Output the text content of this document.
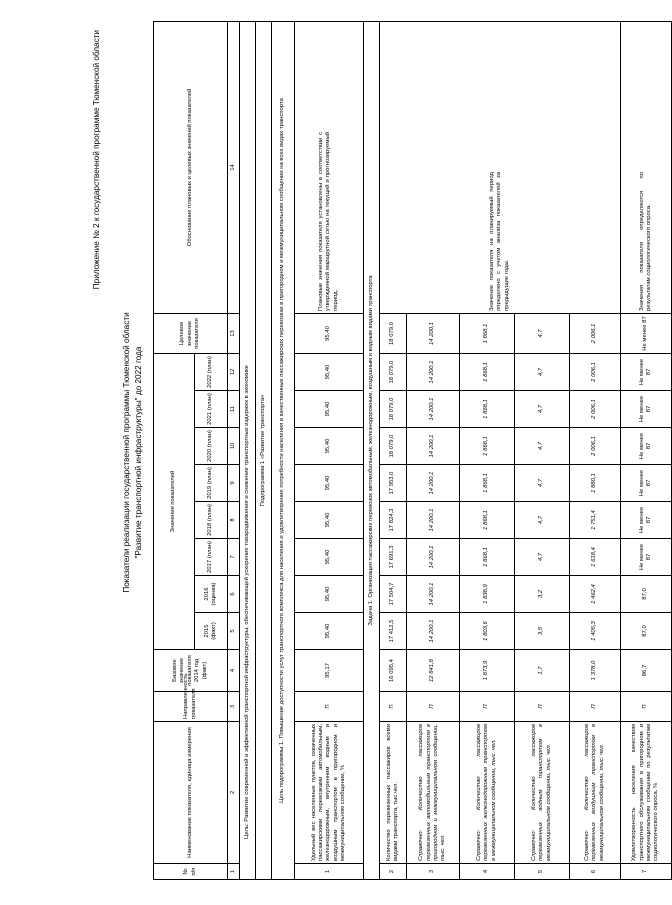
Приложение № 2 к государственной программе Тюменской области
Показатели реализации государственной программы Тюменской области "Развитие транспортной инфраструктуры" до 2022 года
№ п/п	Наименование показателя, единица измерения	Направленность показателя	Базовое значение показателя 2014 год (факт)	Значения показателей								Целевое значение показателя	Обоснование плановых и целевых значений показателей
				2015 (факт)	2016 (оценка)	2017 (план)	2018 (план)	2019 (план)	2020 (план)	2021 (план)	2022 (план)		
1	2	3	4	5	6	7	8	9	10	11	12	13	14
Цель: Развитие современной и эффективной транспортной инфраструктуры, обеспечивающей ускорение товародвижения и снижение транспортных издержек в экономике													
Подпрограмма 1 «Развитие транспорта»													
Цель подпрограммы 1. Повышение доступности услуг транспортного комплекса для населения и удовлетворение потребности населения в качественных пассажирских перевозках в пригородном и межмуниципальном сообщении на всех видах транспорта													
1	Удельный вес населенных пунктов, охваченных пассажирскими перевозками автомобильным, железнодорожным, внутренним водным и воздушным транспортом в пригородном и межмуниципальном сообщении, %	П	95,17	95,40	95,40	95,40	95,40	95,40	95,40	95,40	95,40	95,40	Плановые значения показателя установлены в соответствии с утвержденной маршрутной сетью на текущий и прогнозируемый период.
Задача 1. Организация пассажирских перевозок автомобильным, железнодорожным, воздушным и водным видами транспорта													
2	Количество перевезенных пассажиров всеми видами транспорта, тыс.чел.	П	16 095,4	17 412,5	17 504,7	17 691,3	17 824,3	17 953,0	18 079,0	18 079,0	18 079,0	18 079,0	Значение показателя на планируемый период определено с учетом анализа показателей за предыдущие годы.
3	Справочно: Количество пассажиров перевезенных автомобильным транспортом в пригородном и межмуниципальном сообщении, тыс. чел.	П	12 841,8	14 200,1	14 200,1	14 200,1	14 200,1	14 200,1	14 200,1	14 200,1	14 200,1	14 200,1	
4	Справочно: Количество пассажиров перевезенных железнодорожным транспортом в межмуниципальном сообщении, тыс. чел.	П	1 873,9	1 803,6	1 838,9	1 868,1	1 868,1	1 868,1	1 868,1	1 868,1	1 868,1	1 868,1	
5	Справочно: Количество пассажиров перевезенных водным транспортом в межмуниципальном сообщении, тыс. чел.	П	1,7	3,5	3,2	4,7	4,7	4,7	4,7	4,7	4,7	4,7	
6	Справочно: Количество пассажиров перевезенных воздушным транспортом в межмуниципальном сообщении, тыс. чел.	П	1 378,0	1 405,3	1 462,4	1 618,4	1 751,4	1 880,1	2 006,1	2 006,1	2 006,1	2 006,1	
7	Удовлетворенность населения качеством транспортного обслуживания в пригородном и межмуниципальном сообщении по результатам социологического опроса, %	П	86,7	87,0	87,0	Не менее 87	Не менее 87	Не менее 87	Не менее 87	Не менее 87	Не менее 87	Не менее 87	Значения показателя определяются по результатам социологического опроса.
